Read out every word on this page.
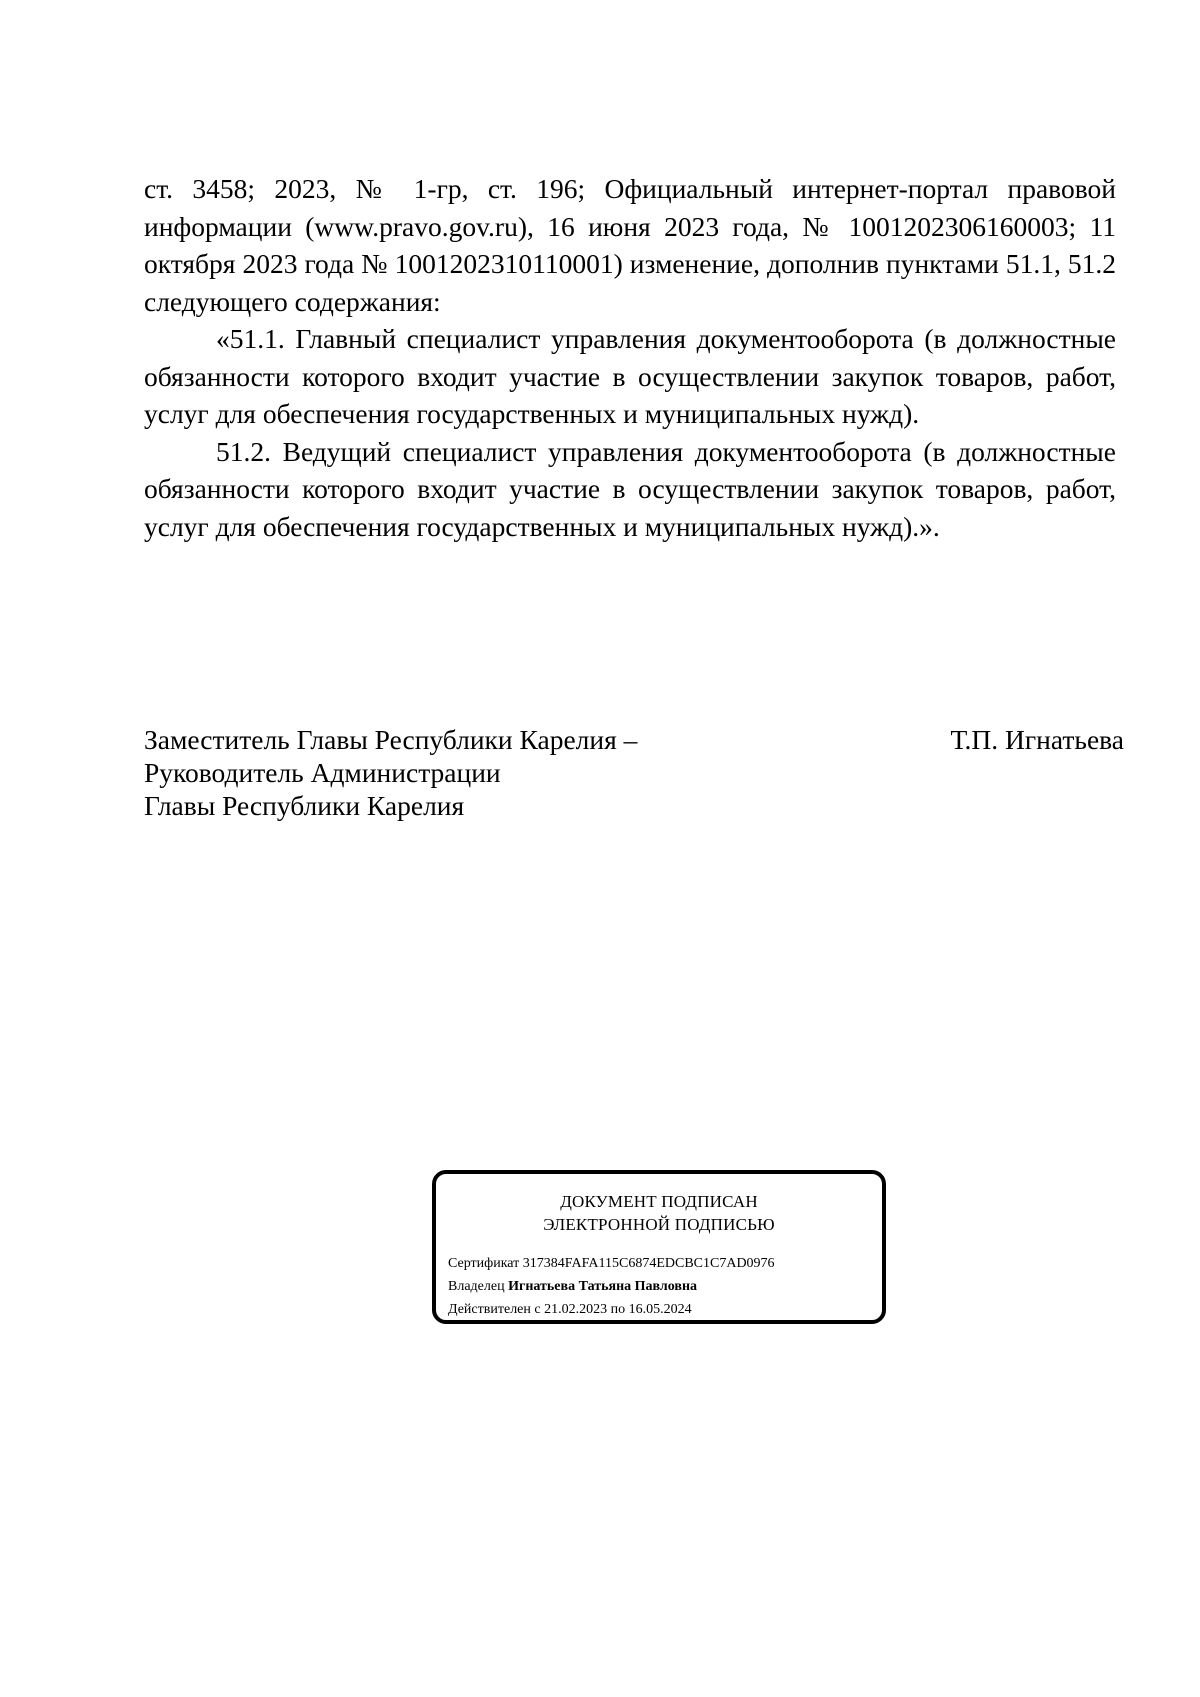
ст. 3458; 2023, № 1-гр, ст. 196; Официальный интернет-портал правовой информации (www.pravo.gov.ru), 16 июня 2023 года, № 1001202306160003; 11 октября 2023 года № 1001202310110001) изменение, дополнив пунктами 51.1, 51.2 следующего содержания:

«51.1. Главный специалист управления документооборота (в должностные обязанности которого входит участие в осуществлении закупок товаров, работ, услуг для обеспечения государственных и муниципальных нужд).

51.2. Ведущий специалист управления документооборота (в должностные обязанности которого входит участие в осуществлении закупок товаров, работ, услуг для обеспечения государственных и муниципальных нужд).».

Заместитель Главы Республики Карелия –
Руководитель Администрации
Главы Республики Карелия
Т.П. Игнатьева
ДОКУМЕНТ ПОДПИСАН
ЭЛЕКТРОННОЙ ПОДПИСЬЮ
Сертификат 317384FAFA115C6874EDCBC1C7AD0976
Владелец Игнатьева Татьяна Павловна
Действителен с 21.02.2023 по 16.05.2024
